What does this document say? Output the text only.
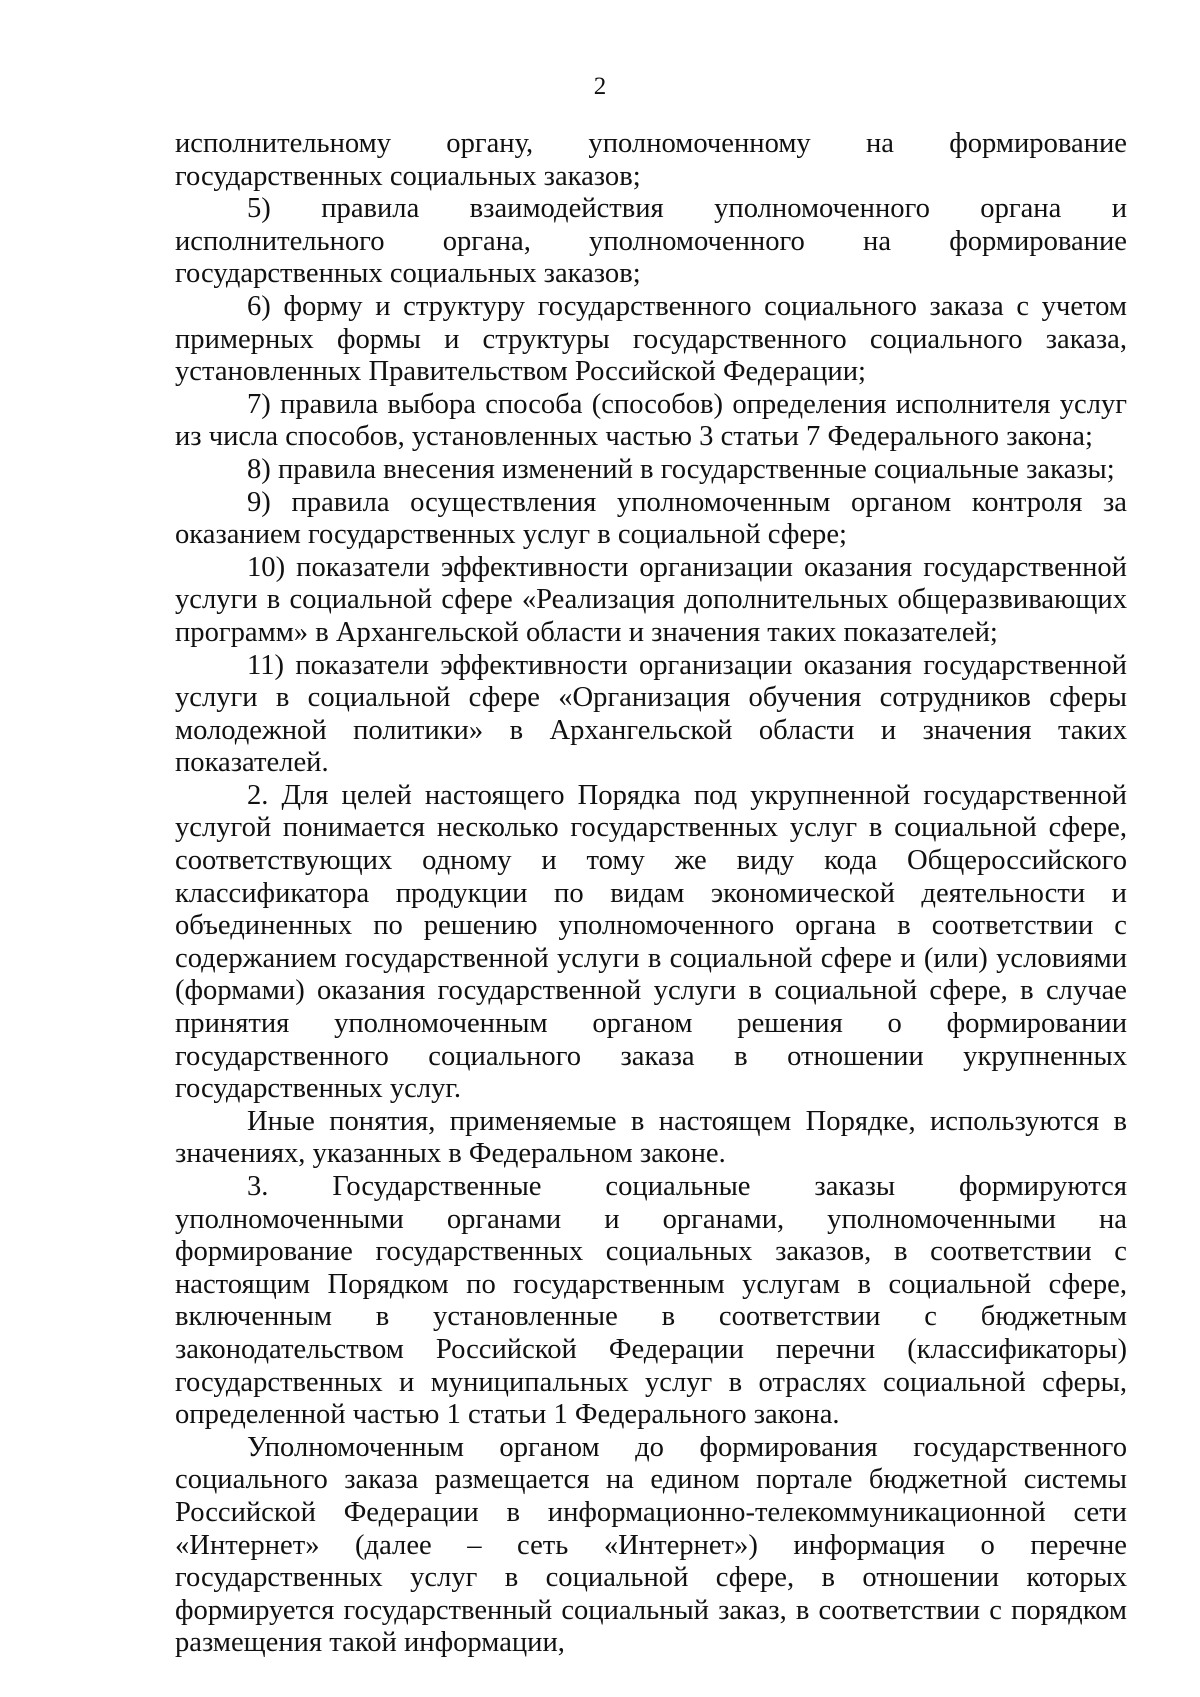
2

исполнительному органу, уполномоченному на формирование государственных социальных заказов;

5) правила взаимодействия уполномоченного органа и исполнительного органа, уполномоченного на формирование государственных социальных заказов;

6) форму и структуру государственного социального заказа с учетом примерных формы и структуры государственного социального заказа, установленных Правительством Российской Федерации;

7) правила выбора способа (способов) определения исполнителя услуг из числа способов, установленных частью 3 статьи 7 Федерального закона;

8) правила внесения изменений в государственные социальные заказы;

9) правила осуществления уполномоченным органом контроля за оказанием государственных услуг в социальной сфере;

10) показатели эффективности организации оказания государственной услуги в социальной сфере «Реализация дополнительных общеразвивающих программ» в Архангельской области и значения таких показателей;

11) показатели эффективности организации оказания государственной услуги в социальной сфере «Организация обучения сотрудников сферы молодежной политики» в Архангельской области и значения таких показателей.

2. Для целей настоящего Порядка под укрупненной государственной услугой понимается несколько государственных услуг в социальной сфере, соответствующих одному и тому же виду кода Общероссийского классификатора продукции по видам экономической деятельности и объединенных по решению уполномоченного органа в соответствии с содержанием государственной услуги в социальной сфере и (или) условиями (формами) оказания государственной услуги в социальной сфере, в случае принятия уполномоченным органом решения о формировании государственного социального заказа в отношении укрупненных государственных услуг.

Иные понятия, применяемые в настоящем Порядке, используются в значениях, указанных в Федеральном законе.

3. Государственные социальные заказы формируются уполномоченными органами и органами, уполномоченными на формирование государственных социальных заказов, в соответствии с настоящим Порядком по государственным услугам в социальной сфере, включенным в установленные в соответствии с бюджетным законодательством Российской Федерации перечни (классификаторы) государственных и муниципальных услуг в отраслях социальной сферы, определенной частью 1 статьи 1 Федерального закона.

Уполномоченным органом до формирования государственного социального заказа размещается на едином портале бюджетной системы Российской Федерации в информационно-телекоммуникационной сети «Интернет» (далее – сеть «Интернет») информация о перечне государственных услуг в социальной сфере, в отношении которых формируется государственный социальный заказ, в соответствии с порядком размещения такой информации,
